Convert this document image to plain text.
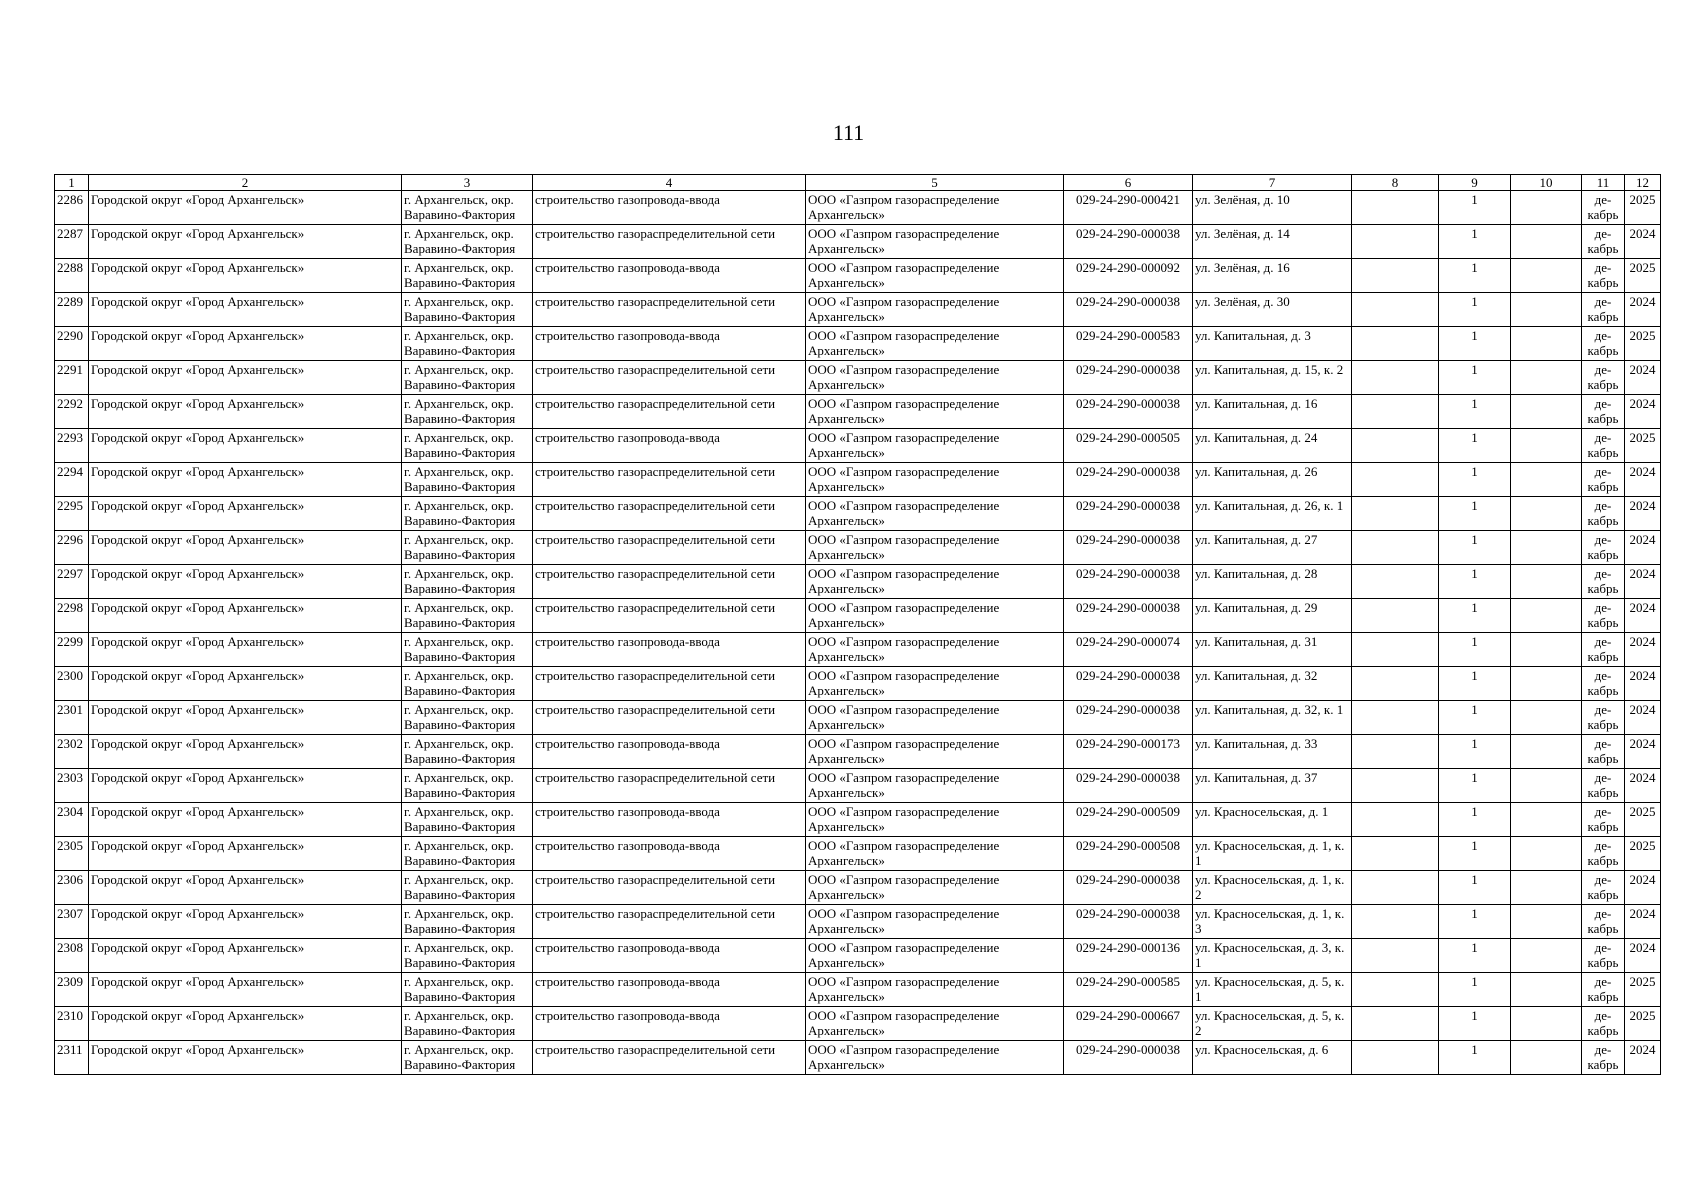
111
1	2	3	4	5	6	7	8	9	10	11	12
2286	Городской округ «Город Архангельск»	г. Архангельск, окр. Варавино-Фактория	строительство газопровода-ввода	ООО «Газпром газораспределение Архангельск»	029-24-290-000421	ул. Зелёная, д. 10		1		де-кабрь	2025
2287	Городской округ «Город Архангельск»	г. Архангельск, окр. Варавино-Фактория	строительство газораспределительной сети	ООО «Газпром газораспределение Архангельск»	029-24-290-000038	ул. Зелёная, д. 14		1		де-кабрь	2024
2288	Городской округ «Город Архангельск»	г. Архангельск, окр. Варавино-Фактория	строительство газопровода-ввода	ООО «Газпром газораспределение Архангельск»	029-24-290-000092	ул. Зелёная, д. 16		1		де-кабрь	2025
2289	Городской округ «Город Архангельск»	г. Архангельск, окр. Варавино-Фактория	строительство газораспределительной сети	ООО «Газпром газораспределение Архангельск»	029-24-290-000038	ул. Зелёная, д. 30		1		де-кабрь	2024
2290	Городской округ «Город Архангельск»	г. Архангельск, окр. Варавино-Фактория	строительство газопровода-ввода	ООО «Газпром газораспределение Архангельск»	029-24-290-000583	ул. Капитальная, д. 3		1		де-кабрь	2025
2291	Городской округ «Город Архангельск»	г. Архангельск, окр. Варавино-Фактория	строительство газораспределительной сети	ООО «Газпром газораспределение Архангельск»	029-24-290-000038	ул. Капитальная, д. 15, к. 2		1		де-кабрь	2024
2292	Городской округ «Город Архангельск»	г. Архангельск, окр. Варавино-Фактория	строительство газораспределительной сети	ООО «Газпром газораспределение Архангельск»	029-24-290-000038	ул. Капитальная, д. 16		1		де-кабрь	2024
2293	Городской округ «Город Архангельск»	г. Архангельск, окр. Варавино-Фактория	строительство газопровода-ввода	ООО «Газпром газораспределение Архангельск»	029-24-290-000505	ул. Капитальная, д. 24		1		де-кабрь	2025
2294	Городской округ «Город Архангельск»	г. Архангельск, окр. Варавино-Фактория	строительство газораспределительной сети	ООО «Газпром газораспределение Архангельск»	029-24-290-000038	ул. Капитальная, д. 26		1		де-кабрь	2024
2295	Городской округ «Город Архангельск»	г. Архангельск, окр. Варавино-Фактория	строительство газораспределительной сети	ООО «Газпром газораспределение Архангельск»	029-24-290-000038	ул. Капитальная, д. 26, к. 1		1		де-кабрь	2024
2296	Городской округ «Город Архангельск»	г. Архангельск, окр. Варавино-Фактория	строительство газораспределительной сети	ООО «Газпром газораспределение Архангельск»	029-24-290-000038	ул. Капитальная, д. 27		1		де-кабрь	2024
2297	Городской округ «Город Архангельск»	г. Архангельск, окр. Варавино-Фактория	строительство газораспределительной сети	ООО «Газпром газораспределение Архангельск»	029-24-290-000038	ул. Капитальная, д. 28		1		де-кабрь	2024
2298	Городской округ «Город Архангельск»	г. Архангельск, окр. Варавино-Фактория	строительство газораспределительной сети	ООО «Газпром газораспределение Архангельск»	029-24-290-000038	ул. Капитальная, д. 29		1		де-кабрь	2024
2299	Городской округ «Город Архангельск»	г. Архангельск, окр. Варавино-Фактория	строительство газопровода-ввода	ООО «Газпром газораспределение Архангельск»	029-24-290-000074	ул. Капитальная, д. 31		1		де-кабрь	2024
2300	Городской округ «Город Архангельск»	г. Архангельск, окр. Варавино-Фактория	строительство газораспределительной сети	ООО «Газпром газораспределение Архангельск»	029-24-290-000038	ул. Капитальная, д. 32		1		де-кабрь	2024
2301	Городской округ «Город Архангельск»	г. Архангельск, окр. Варавино-Фактория	строительство газораспределительной сети	ООО «Газпром газораспределение Архангельск»	029-24-290-000038	ул. Капитальная, д. 32, к. 1		1		де-кабрь	2024
2302	Городской округ «Город Архангельск»	г. Архангельск, окр. Варавино-Фактория	строительство газопровода-ввода	ООО «Газпром газораспределение Архангельск»	029-24-290-000173	ул. Капитальная, д. 33		1		де-кабрь	2024
2303	Городской округ «Город Архангельск»	г. Архангельск, окр. Варавино-Фактория	строительство газораспределительной сети	ООО «Газпром газораспределение Архангельск»	029-24-290-000038	ул. Капитальная, д. 37		1		де-кабрь	2024
2304	Городской округ «Город Архангельск»	г. Архангельск, окр. Варавино-Фактория	строительство газопровода-ввода	ООО «Газпром газораспределение Архангельск»	029-24-290-000509	ул. Красносельская, д. 1		1		де-кабрь	2025
2305	Городской округ «Город Архангельск»	г. Архангельск, окр. Варавино-Фактория	строительство газопровода-ввода	ООО «Газпром газораспределение Архангельск»	029-24-290-000508	ул. Красносельская, д. 1, к. 1		1		де-кабрь	2025
2306	Городской округ «Город Архангельск»	г. Архангельск, окр. Варавино-Фактория	строительство газораспределительной сети	ООО «Газпром газораспределение Архангельск»	029-24-290-000038	ул. Красносельская, д. 1, к. 2		1		де-кабрь	2024
2307	Городской округ «Город Архангельск»	г. Архангельск, окр. Варавино-Фактория	строительство газораспределительной сети	ООО «Газпром газораспределение Архангельск»	029-24-290-000038	ул. Красносельская, д. 1, к. 3		1		де-кабрь	2024
2308	Городской округ «Город Архангельск»	г. Архангельск, окр. Варавино-Фактория	строительство газопровода-ввода	ООО «Газпром газораспределение Архангельск»	029-24-290-000136	ул. Красносельская, д. 3, к. 1		1		де-кабрь	2024
2309	Городской округ «Город Архангельск»	г. Архангельск, окр. Варавино-Фактория	строительство газопровода-ввода	ООО «Газпром газораспределение Архангельск»	029-24-290-000585	ул. Красносельская, д. 5, к. 1		1		де-кабрь	2025
2310	Городской округ «Город Архангельск»	г. Архангельск, окр. Варавино-Фактория	строительство газопровода-ввода	ООО «Газпром газораспределение Архангельск»	029-24-290-000667	ул. Красносельская, д. 5, к. 2		1		де-кабрь	2025
2311	Городской округ «Город Архангельск»	г. Архангельск, окр. Варавино-Фактория	строительство газораспределительной сети	ООО «Газпром газораспределение Архангельск»	029-24-290-000038	ул. Красносельская, д. 6		1		де-кабрь	2024
